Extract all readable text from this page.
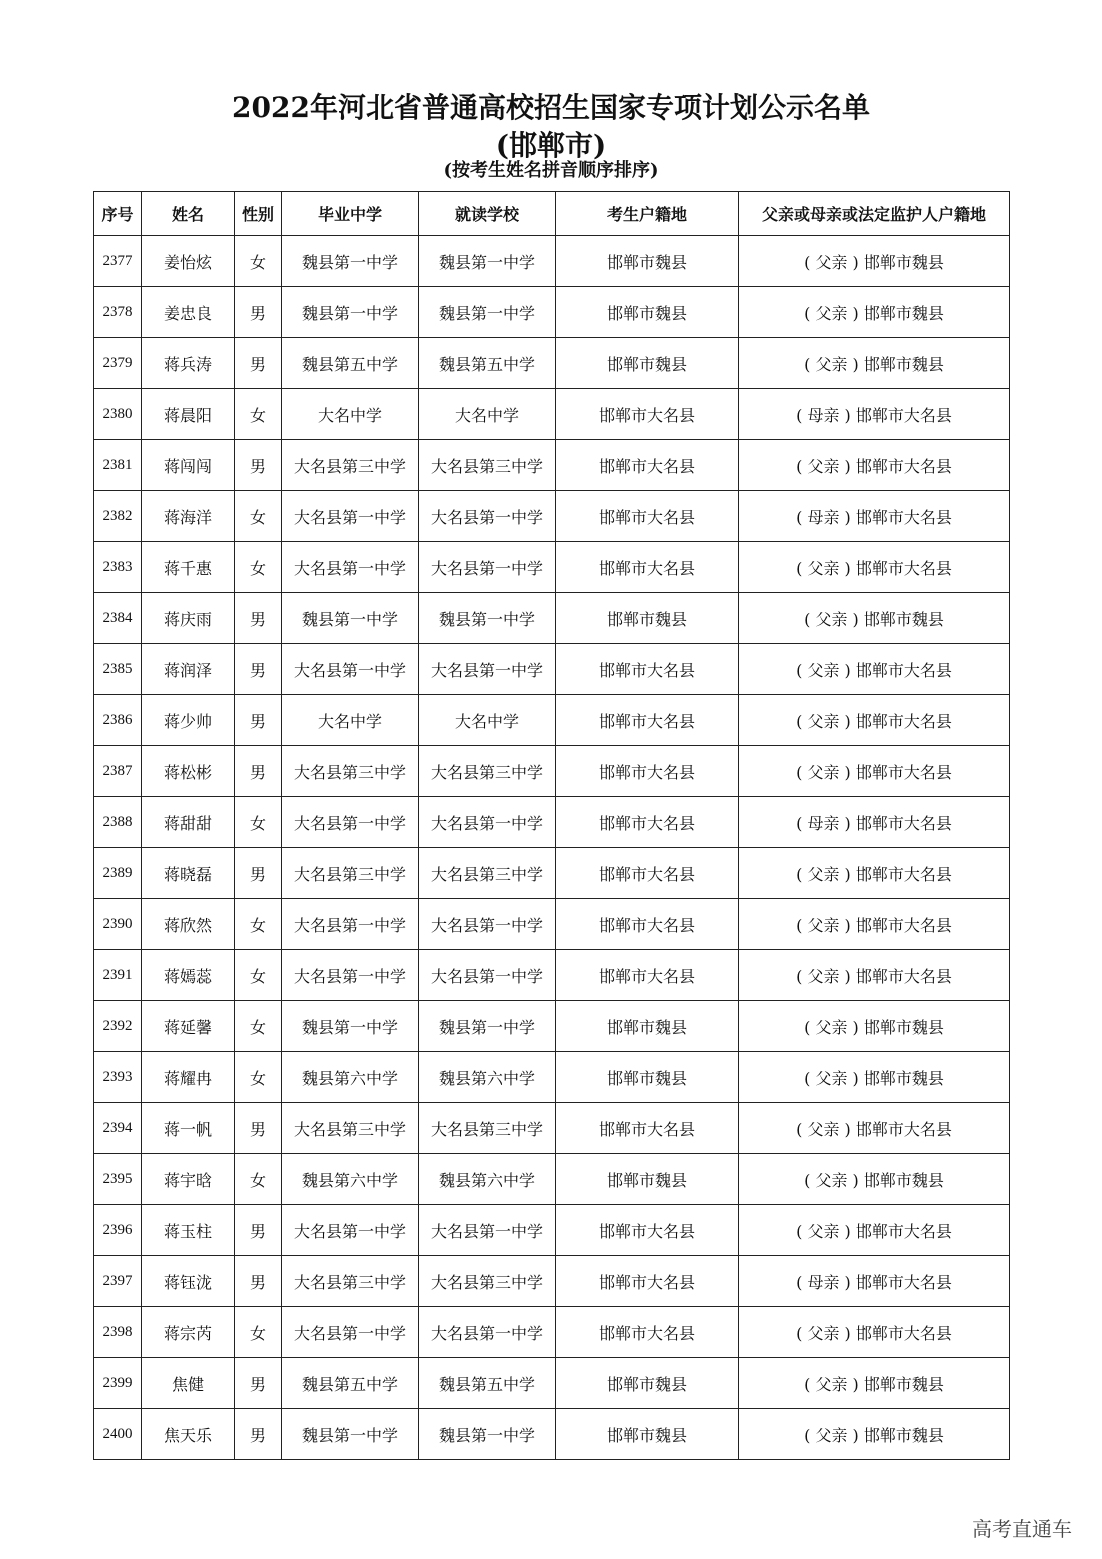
2022年河北省普通高校招生国家专项计划公示名单
(邯郸市)
(按考生姓名拼音顺序排序)
序号	姓名	性别	毕业中学	就读学校	考生户籍地	父亲或母亲或法定监护人户籍地
2377	姜怡炫	女	魏县第一中学	魏县第一中学	邯郸市魏县	( 父亲 ) 邯郸市魏县
2378	姜忠良	男	魏县第一中学	魏县第一中学	邯郸市魏县	( 父亲 ) 邯郸市魏县
2379	蒋兵涛	男	魏县第五中学	魏县第五中学	邯郸市魏县	( 父亲 ) 邯郸市魏县
2380	蒋晨阳	女	大名中学	大名中学	邯郸市大名县	( 母亲 ) 邯郸市大名县
2381	蒋闯闯	男	大名县第三中学	大名县第三中学	邯郸市大名县	( 父亲 ) 邯郸市大名县
2382	蒋海洋	女	大名县第一中学	大名县第一中学	邯郸市大名县	( 母亲 ) 邯郸市大名县
2383	蒋千惠	女	大名县第一中学	大名县第一中学	邯郸市大名县	( 父亲 ) 邯郸市大名县
2384	蒋庆雨	男	魏县第一中学	魏县第一中学	邯郸市魏县	( 父亲 ) 邯郸市魏县
2385	蒋润泽	男	大名县第一中学	大名县第一中学	邯郸市大名县	( 父亲 ) 邯郸市大名县
2386	蒋少帅	男	大名中学	大名中学	邯郸市大名县	( 父亲 ) 邯郸市大名县
2387	蒋松彬	男	大名县第三中学	大名县第三中学	邯郸市大名县	( 父亲 ) 邯郸市大名县
2388	蒋甜甜	女	大名县第一中学	大名县第一中学	邯郸市大名县	( 母亲 ) 邯郸市大名县
2389	蒋晓磊	男	大名县第三中学	大名县第三中学	邯郸市大名县	( 父亲 ) 邯郸市大名县
2390	蒋欣然	女	大名县第一中学	大名县第一中学	邯郸市大名县	( 父亲 ) 邯郸市大名县
2391	蒋嫣蕊	女	大名县第一中学	大名县第一中学	邯郸市大名县	( 父亲 ) 邯郸市大名县
2392	蒋延馨	女	魏县第一中学	魏县第一中学	邯郸市魏县	( 父亲 ) 邯郸市魏县
2393	蒋耀冉	女	魏县第六中学	魏县第六中学	邯郸市魏县	( 父亲 ) 邯郸市魏县
2394	蒋一帆	男	大名县第三中学	大名县第三中学	邯郸市大名县	( 父亲 ) 邯郸市大名县
2395	蒋宇晗	女	魏县第六中学	魏县第六中学	邯郸市魏县	( 父亲 ) 邯郸市魏县
2396	蒋玉柱	男	大名县第一中学	大名县第一中学	邯郸市大名县	( 父亲 ) 邯郸市大名县
2397	蒋钰泷	男	大名县第三中学	大名县第三中学	邯郸市大名县	( 母亲 ) 邯郸市大名县
2398	蒋宗芮	女	大名县第一中学	大名县第一中学	邯郸市大名县	( 父亲 ) 邯郸市大名县
2399	焦健	男	魏县第五中学	魏县第五中学	邯郸市魏县	( 父亲 ) 邯郸市魏县
2400	焦天乐	男	魏县第一中学	魏县第一中学	邯郸市魏县	( 父亲 ) 邯郸市魏县
高考直通车
